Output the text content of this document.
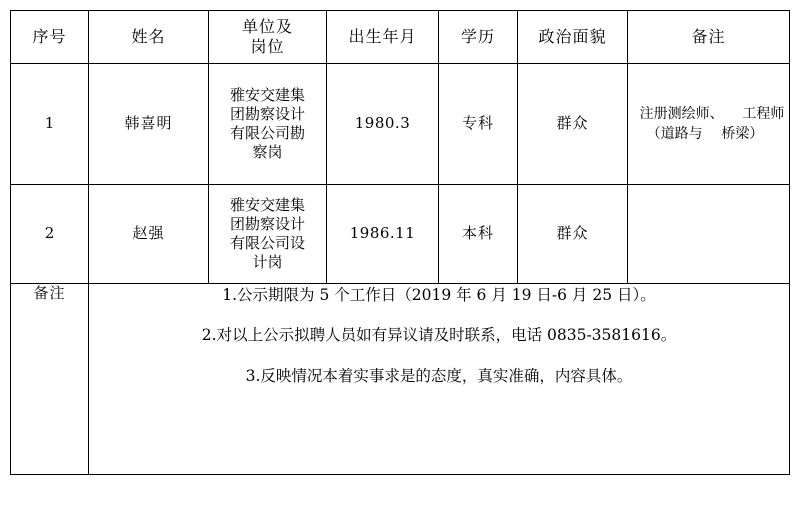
序号	姓名	单位及
岗位	出生年月	学历	政治面貌	备注
1	韩喜明	雅安交建集
团勘察设计
有限公司勘
察岗	1980.3	专科	群众	注册测绘师、 工程师（道路与 桥梁）
2	赵强	雅安交建集
团勘察设计
有限公司设
计岗	1986.11	本科	群众	
备注	1.公示期限为 5 个工作日（2019 年 6 月 19 日-6 月 25 日）。
2.对以上公示拟聘人员如有异议请及时联系，电话 0835-3581616。
3.反映情况本着实事求是的态度，真实准确，内容具体。					
